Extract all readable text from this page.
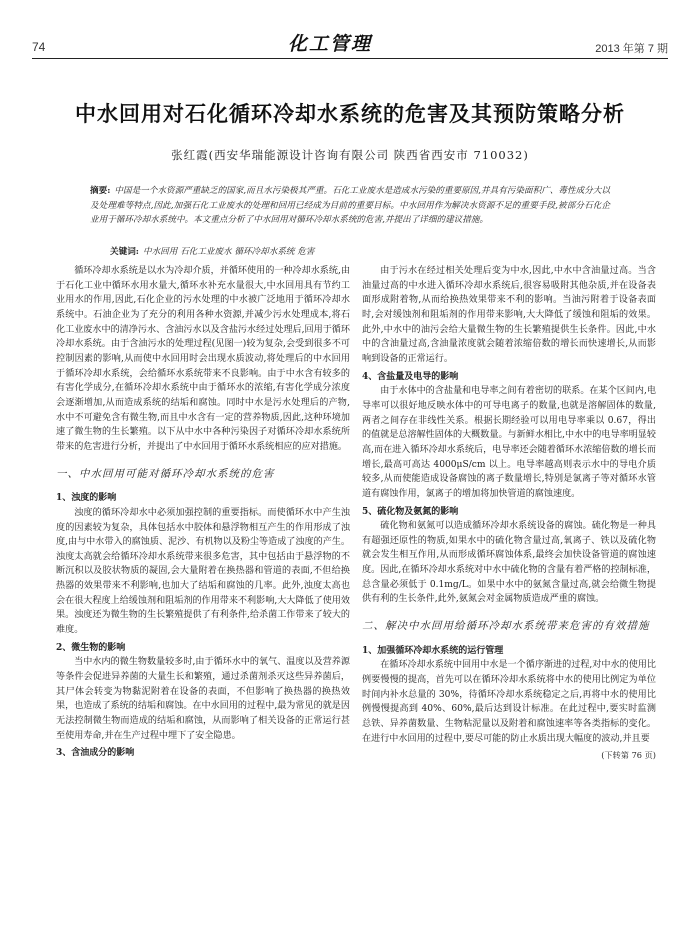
74	化工管理	2013 年第 7 期
中水回用对石化循环冷却水系统的危害及其预防策略分析
张红霞(西安华瑞能源设计咨询有限公司 陕西省西安市 710032)
摘要: 中国是一个水资源严重缺乏的国家,而且水污染极其严重。石化工业废水是造成水污染的重要原因,并具有污染面积广、毒性成分大以及处理难等特点,因此,加强石化工业废水的处理和回用已经成为目前的重要目标。中水回用作为解决水资源不足的重要手段,被部分石化企业用于循环冷却水系统中。本文重点分析了中水回用对循环冷却水系统的危害,并提出了详细的建议措施。
关键词: 中水回用 石化工业废水 循环冷却水系统 危害

循环冷却水系统是以水为冷却介质，并循环使用的一种冷却水系统,由于石化工业中循环水用水量大,循环水补充水量很大,中水回用具有节约工业用水的作用,因此,石化企业的污水处理的中水被广泛地用于循环冷却水系统中。石油企业为了充分的利用各种水资源,并减少污水处理成本,将石化工业废水中的清净污水、含油污水以及含盐污水经过处理后,回用于循环冷却水系统。由于含油污水的处理过程(见图一)较为复杂,会受到很多不可控制因素的影响,从而使中水回用时会出现水质波动,将处理后的中水回用于循环冷却水系统，会给循环水系统带来不良影响。由于中水含有较多的有害化学成分,在循环冷却水系统中由于循环水的浓缩,有害化学成分浓度会逐渐增加,从而造成系统的结垢和腐蚀。同时中水是污水处理后的产物,水中不可避免含有微生物,而且中水含有一定的营养物质,因此,这种环境加速了微生物的生长繁殖。以下从中水中各种污染因子对循环冷却水系统所带来的危害进行分析，并提出了中水回用于循环水系统相应的应对措施。

一、中水回用可能对循环冷却水系统的危害
1、浊度的影响

浊度的循环冷却水中必须加强控制的重要指标。而使循环水中产生浊度的因素较为复杂，具体包括水中胶体和悬浮物相互产生的作用形成了浊度,由与中水带入的腐蚀质、泥沙、有机物以及粉尘等造成了浊度的产生。浊度太高就会给循环冷却水系统带来很多危害，其中包括由于悬浮物的不断沉积以及胶状物质的凝固,会大量附着在换热器和管道的表面,不但给换热器的效果带来不利影响,也加大了结垢和腐蚀的几率。此外,浊度太高也会在很大程度上给缓蚀剂和阻垢剂的作用带来不利影响,大大降低了使用效果。浊度还为微生物的生长繁殖提供了有利条件,给杀菌工作带来了较大的难度。

2、微生物的影响

当中水内的微生物数量较多时,由于循环水中的氧气、温度以及营养源等条件会促进异养菌的大量生长和繁殖，通过杀菌剂杀灭这些异养菌后，其尸体会转变为物黏泥附着在设备的表面，不但影响了换热器的换热效果，也造成了系统的结垢和腐蚀。在中水回用的过程中,最为常见的就是因无法控制微生物而造成的结垢和腐蚀，从而影响了相关设备的正常运行甚至使用寿命,并在生产过程中埋下了安全隐患。

3、含油成分的影响

由于污水在经过相关处理后变为中水,因此,中水中含油量过高。当含油量过高的中水进入循环冷却水系统后,很容易吸附其他杂质,并在设备表面形成附着物,从而给换热效果带来不利的影响。当油污附着于设备表面时,会对缓蚀剂和阻垢剂的作用带来影响,大大降低了缓蚀和阻垢的效果。此外,中水中的油污会给大量微生物的生长繁殖提供生长条件。因此,中水中的含油量过高,含油量浓度就会随着浓缩倍数的增长而快速增长,从而影响到设备的正常运行。

4、含盐量及电导的影响

由于水体中的含盐量和电导率之间有着密切的联系。在某个区间内,电导率可以很好地反映水体中的可导电离子的数量,也就是溶解固体的数量,两者之间存在非线性关系。根据长期经验可以用电导率乘以 0.67，得出的值就是总溶解性固体的大概数量。与新鲜水相比,中水中的电导率明显较高,而在进入循环冷却水系统后，电导率还会随着循环水浓缩倍数的增长而增长,最高可高达 4000μS/cm 以上。电导率越高则表示水中的导电介质较多,从而使能造成设备腐蚀的离子数量增长,特别是氯离子等对循环水管道有腐蚀作用，氯离子的增加将加快管道的腐蚀速度。

5、硫化物及氨氮的影响

硫化物和氨氮可以造成循环冷却水系统设备的腐蚀。硫化物是一种具有超强还原性的物质,如果水中的硫化物含量过高,氧离子、铁以及硫化物就会发生相互作用,从而形成循环腐蚀体系,最终会加快设备管道的腐蚀速度。因此,在循环冷却水系统对中水中硫化物的含量有着严格的控制标准，总含量必须低于 0.1mg/L。如果中水中的氨氮含量过高,就会给微生物提供有利的生长条件,此外,氨氮会对金属物质造成严重的腐蚀。

二、解决中水回用给循环冷却水系统带来危害的有效措施
1、加强循环冷却水系统的运行管理

在循环冷却水系统中回用中水是一个循序渐进的过程,对中水的使用比例要慢慢的提高，首先可以在循环冷却水系统将中水的使用比例定为单位时间内补水总量的 30%，待循环冷却水系统稳定之后,再将中水的使用比例慢慢提高到 40%、60%,最后达到设计标准。在此过程中,要实时监测总铁、异养菌数量、生物粘泥量以及附着和腐蚀速率等各类指标的变化。在进行中水回用的过程中,要尽可能的防止水质出现大幅度的波动,并且要

(下转第 76 页)
